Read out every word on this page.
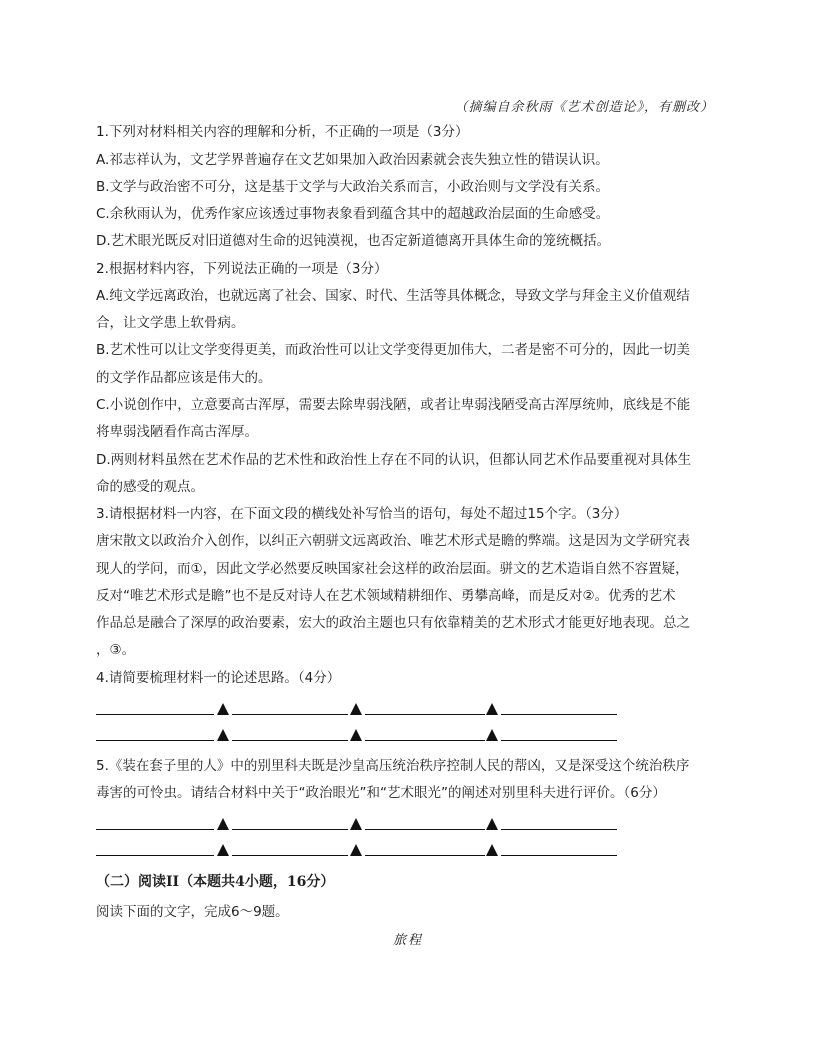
（摘编自余秋雨《艺术创造论》，有删改）
1.下列对材料相关内容的理解和分析，不正确的一项是（3分）
A.祁志祥认为，文艺学界普遍存在文艺如果加入政治因素就会丧失独立性的错误认识。
B.文学与政治密不可分，这是基于文学与大政治关系而言，小政治则与文学没有关系。
C.余秋雨认为，优秀作家应该透过事物表象看到蕴含其中的超越政治层面的生命感受。
D.艺术眼光既反对旧道德对生命的迟钝漠视，也否定新道德离开具体生命的笼统概括。
2.根据材料内容，下列说法正确的一项是（3分）
A.纯文学远离政治，也就远离了社会、国家、时代、生活等具体概念，导致文学与拜金主义价值观结
合，让文学患上软骨病。
B.艺术性可以让文学变得更美，而政治性可以让文学变得更加伟大，二者是密不可分的，因此一切美
的文学作品都应该是伟大的。
C.小说创作中，立意要高古浑厚，需要去除卑弱浅陋，或者让卑弱浅陋受高古浑厚统帅，底线是不能
将卑弱浅陋看作高古浑厚。
D.两则材料虽然在艺术作品的艺术性和政治性上存在不同的认识，但都认同艺术作品要重视对具体生
命的感受的观点。
3.请根据材料一内容，在下面文段的横线处补写恰当的语句，每处不超过15个字。（3分）
唐宋散文以政治介入创作，以纠正六朝骈文远离政治、唯艺术形式是瞻的弊端。这是因为文学研究表
现人的学问，而①，因此文学必然要反映国家社会这样的政治层面。骈文的艺术造诣自然不容置疑，
反对“唯艺术形式是瞻”也不是反对诗人在艺术领域精耕细作、勇攀高峰，而是反对②。优秀的艺术
作品总是融合了深厚的政治要素，宏大的政治主题也只有依靠精美的艺术形式才能更好地表现。总之
，③。
4.请简要梳理材料一的论述思路。（4分）
5.《装在套子里的人》中的别里科夫既是沙皇高压统治秩序控制人民的帮凶，又是深受这个统治秩序
毒害的可怜虫。请结合材料中关于“政治眼光”和“艺术眼光”的阐述对别里科夫进行评价。（6分）
（二）阅读II（本题共4小题，16分）
阅读下面的文字，完成6～9题。
旅程
